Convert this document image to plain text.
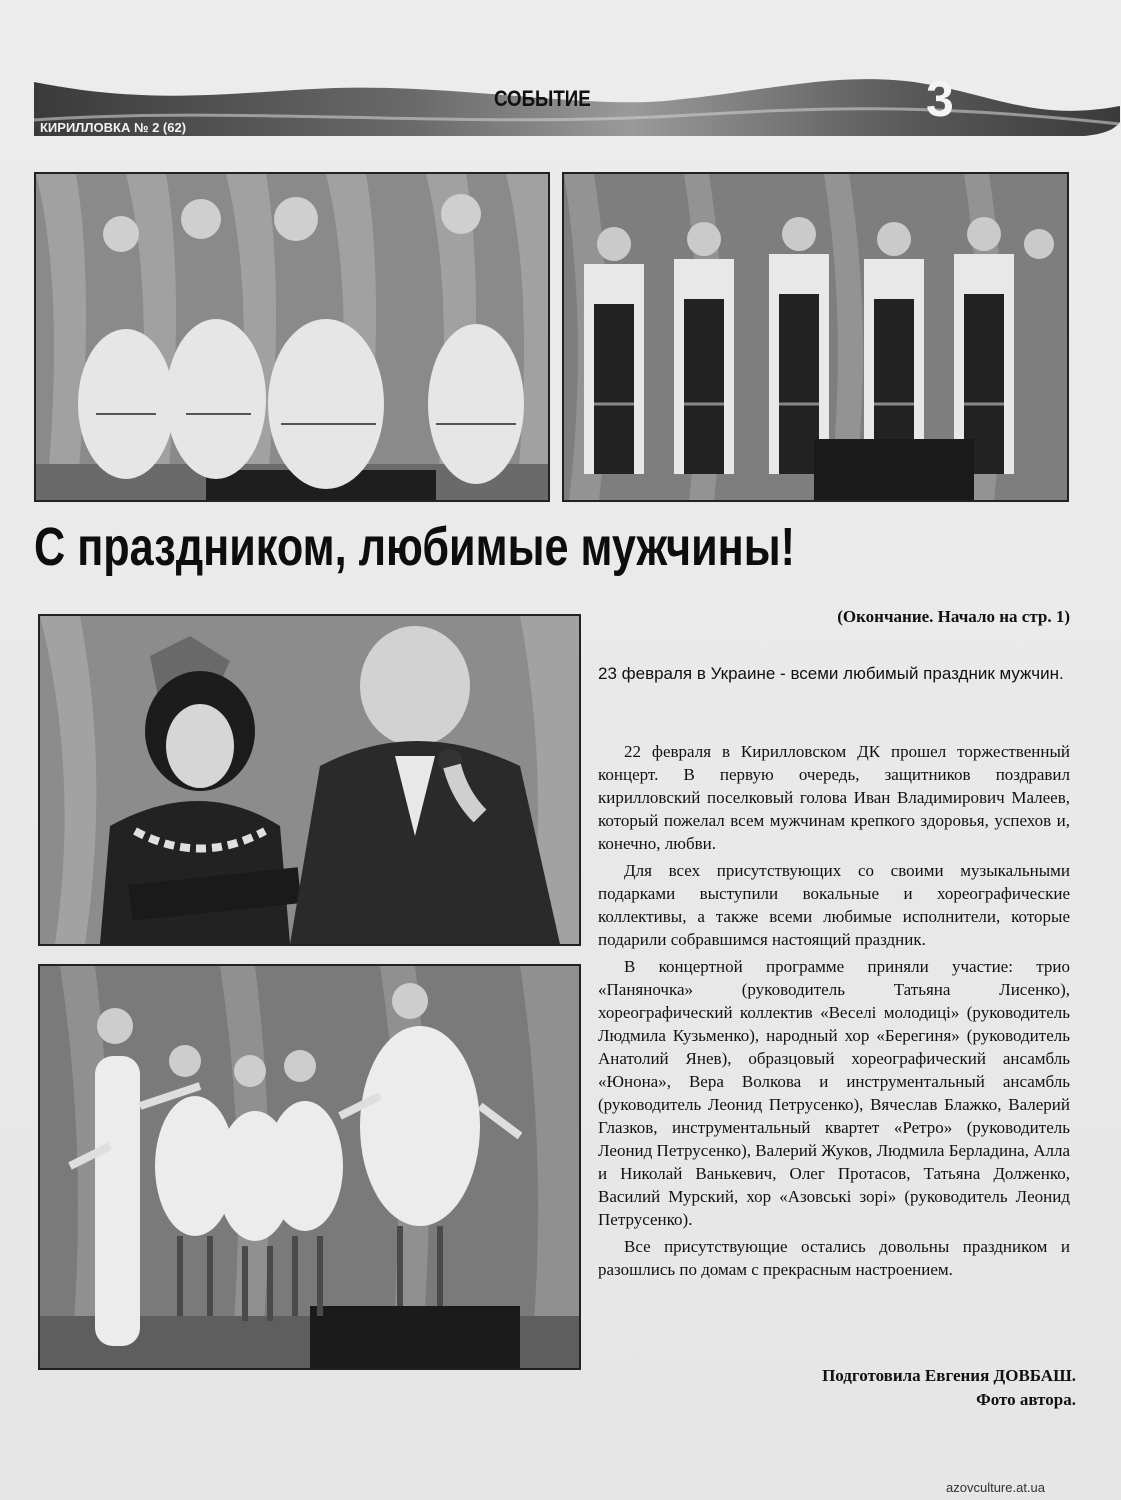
СОБЫТИЕ
КИРИЛЛОВКА № 2 (62)
3
С праздником, любимые мужчины!
(Окончание. Начало на стр. 1)
23 февраля в Украине - всеми любимый праздник мужчин.

22 февраля в Кирилловском ДК прошел торжественный концерт. В первую очередь, защитников поздравил кирилловский поселковый голова Иван Владимирович Малеев, который пожелал всем мужчинам крепкого здоровья, успехов и, конечно, любви.

Для всех присутствующих со своими музыкальными подарками выступили вокальные и хореографические коллективы, а также всеми любимые исполнители, которые подарили собравшимся настоящий праздник.

В концертной программе приняли участие: трио «Паняночка» (руководитель Татьяна Лисенко), хореографический коллектив «Веселі молодиці» (руководитель Людмила Кузьменко), народный хор «Берегиня» (руководитель Анатолий Янев), образцовый хореографический ансамбль «Юнона», Вера Волкова и инструментальный ансамбль (руководитель Леонид Петрусенко), Вячеслав Блажко, Валерий Глазков, инструментальный квартет «Ретро» (руководитель Леонид Петрусенко), Валерий Жуков, Людмила Берладина, Алла и Николай Ванькевич, Олег Протасов, Татьяна Долженко, Василий Мурский, хор «Азовські зорі» (руководитель Леонид Петрусенко).

Все присутствующие остались довольны праздником и разошлись по домам с прекрасным настроением.

Подготовила Евгения ДОВБАШ.
Фото автора.
azovculture.at.ua
